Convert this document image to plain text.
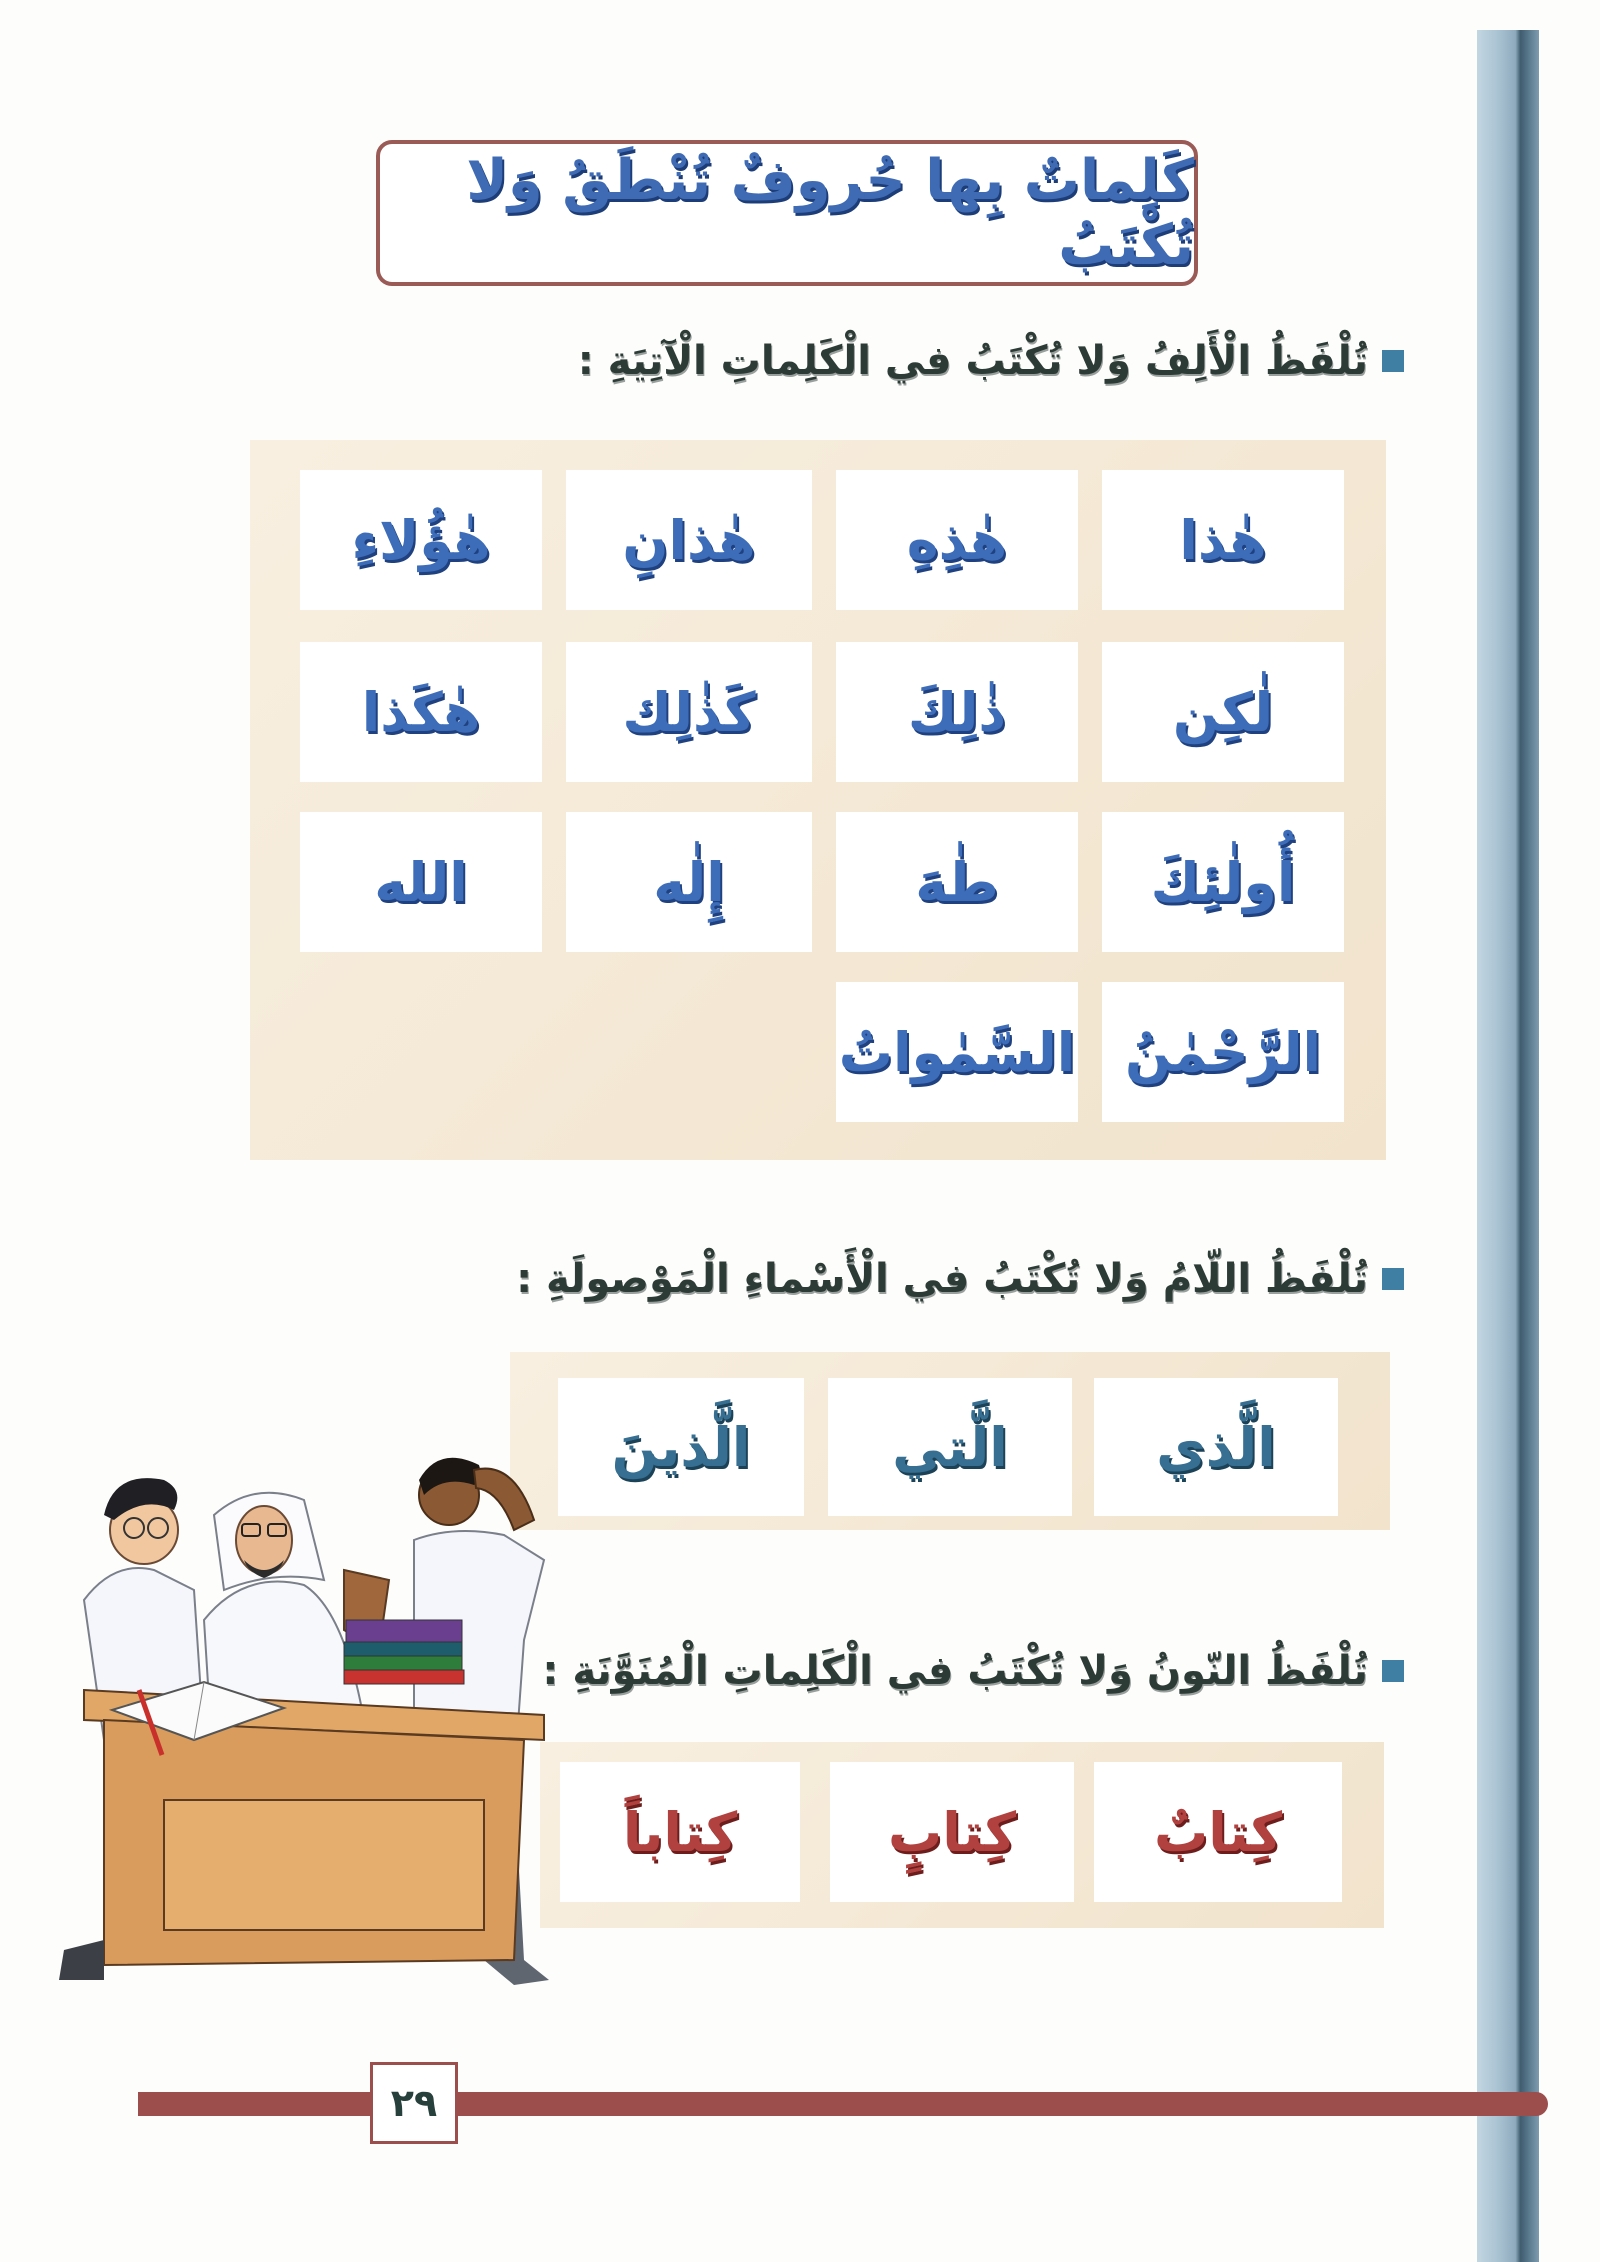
كَلِماتٌ بِها حُروفٌ تُنْطَقُ وَلا تُكْتَبُ
تُلْفَظُ الْأَلِفُ وَلا تُكْتَبُ في الْكَلِماتِ الْآتِيَةِ :
هٰذا
هٰذِهِ
هٰذانِ
هٰؤُلاءِ
لٰكِن
ذٰلِكَ
كَذٰلِك
هٰكَذا
أُولٰئِكَ
طٰهَ
إِلٰه
الله
الرَّحْمٰنُ
السَّمٰواتُ
تُلْفَظُ اللّامُ وَلا تُكْتَبُ في الْأَسْماءِ الْمَوْصولَةِ :
الَّذي
الَّتي
الَّذينَ
تُلْفَظُ النّونُ وَلا تُكْتَبُ في الْكَلِماتِ الْمُنَوَّنَةِ :
كِتابٌ
كِتابٍ
كِتاباً
٢٩
